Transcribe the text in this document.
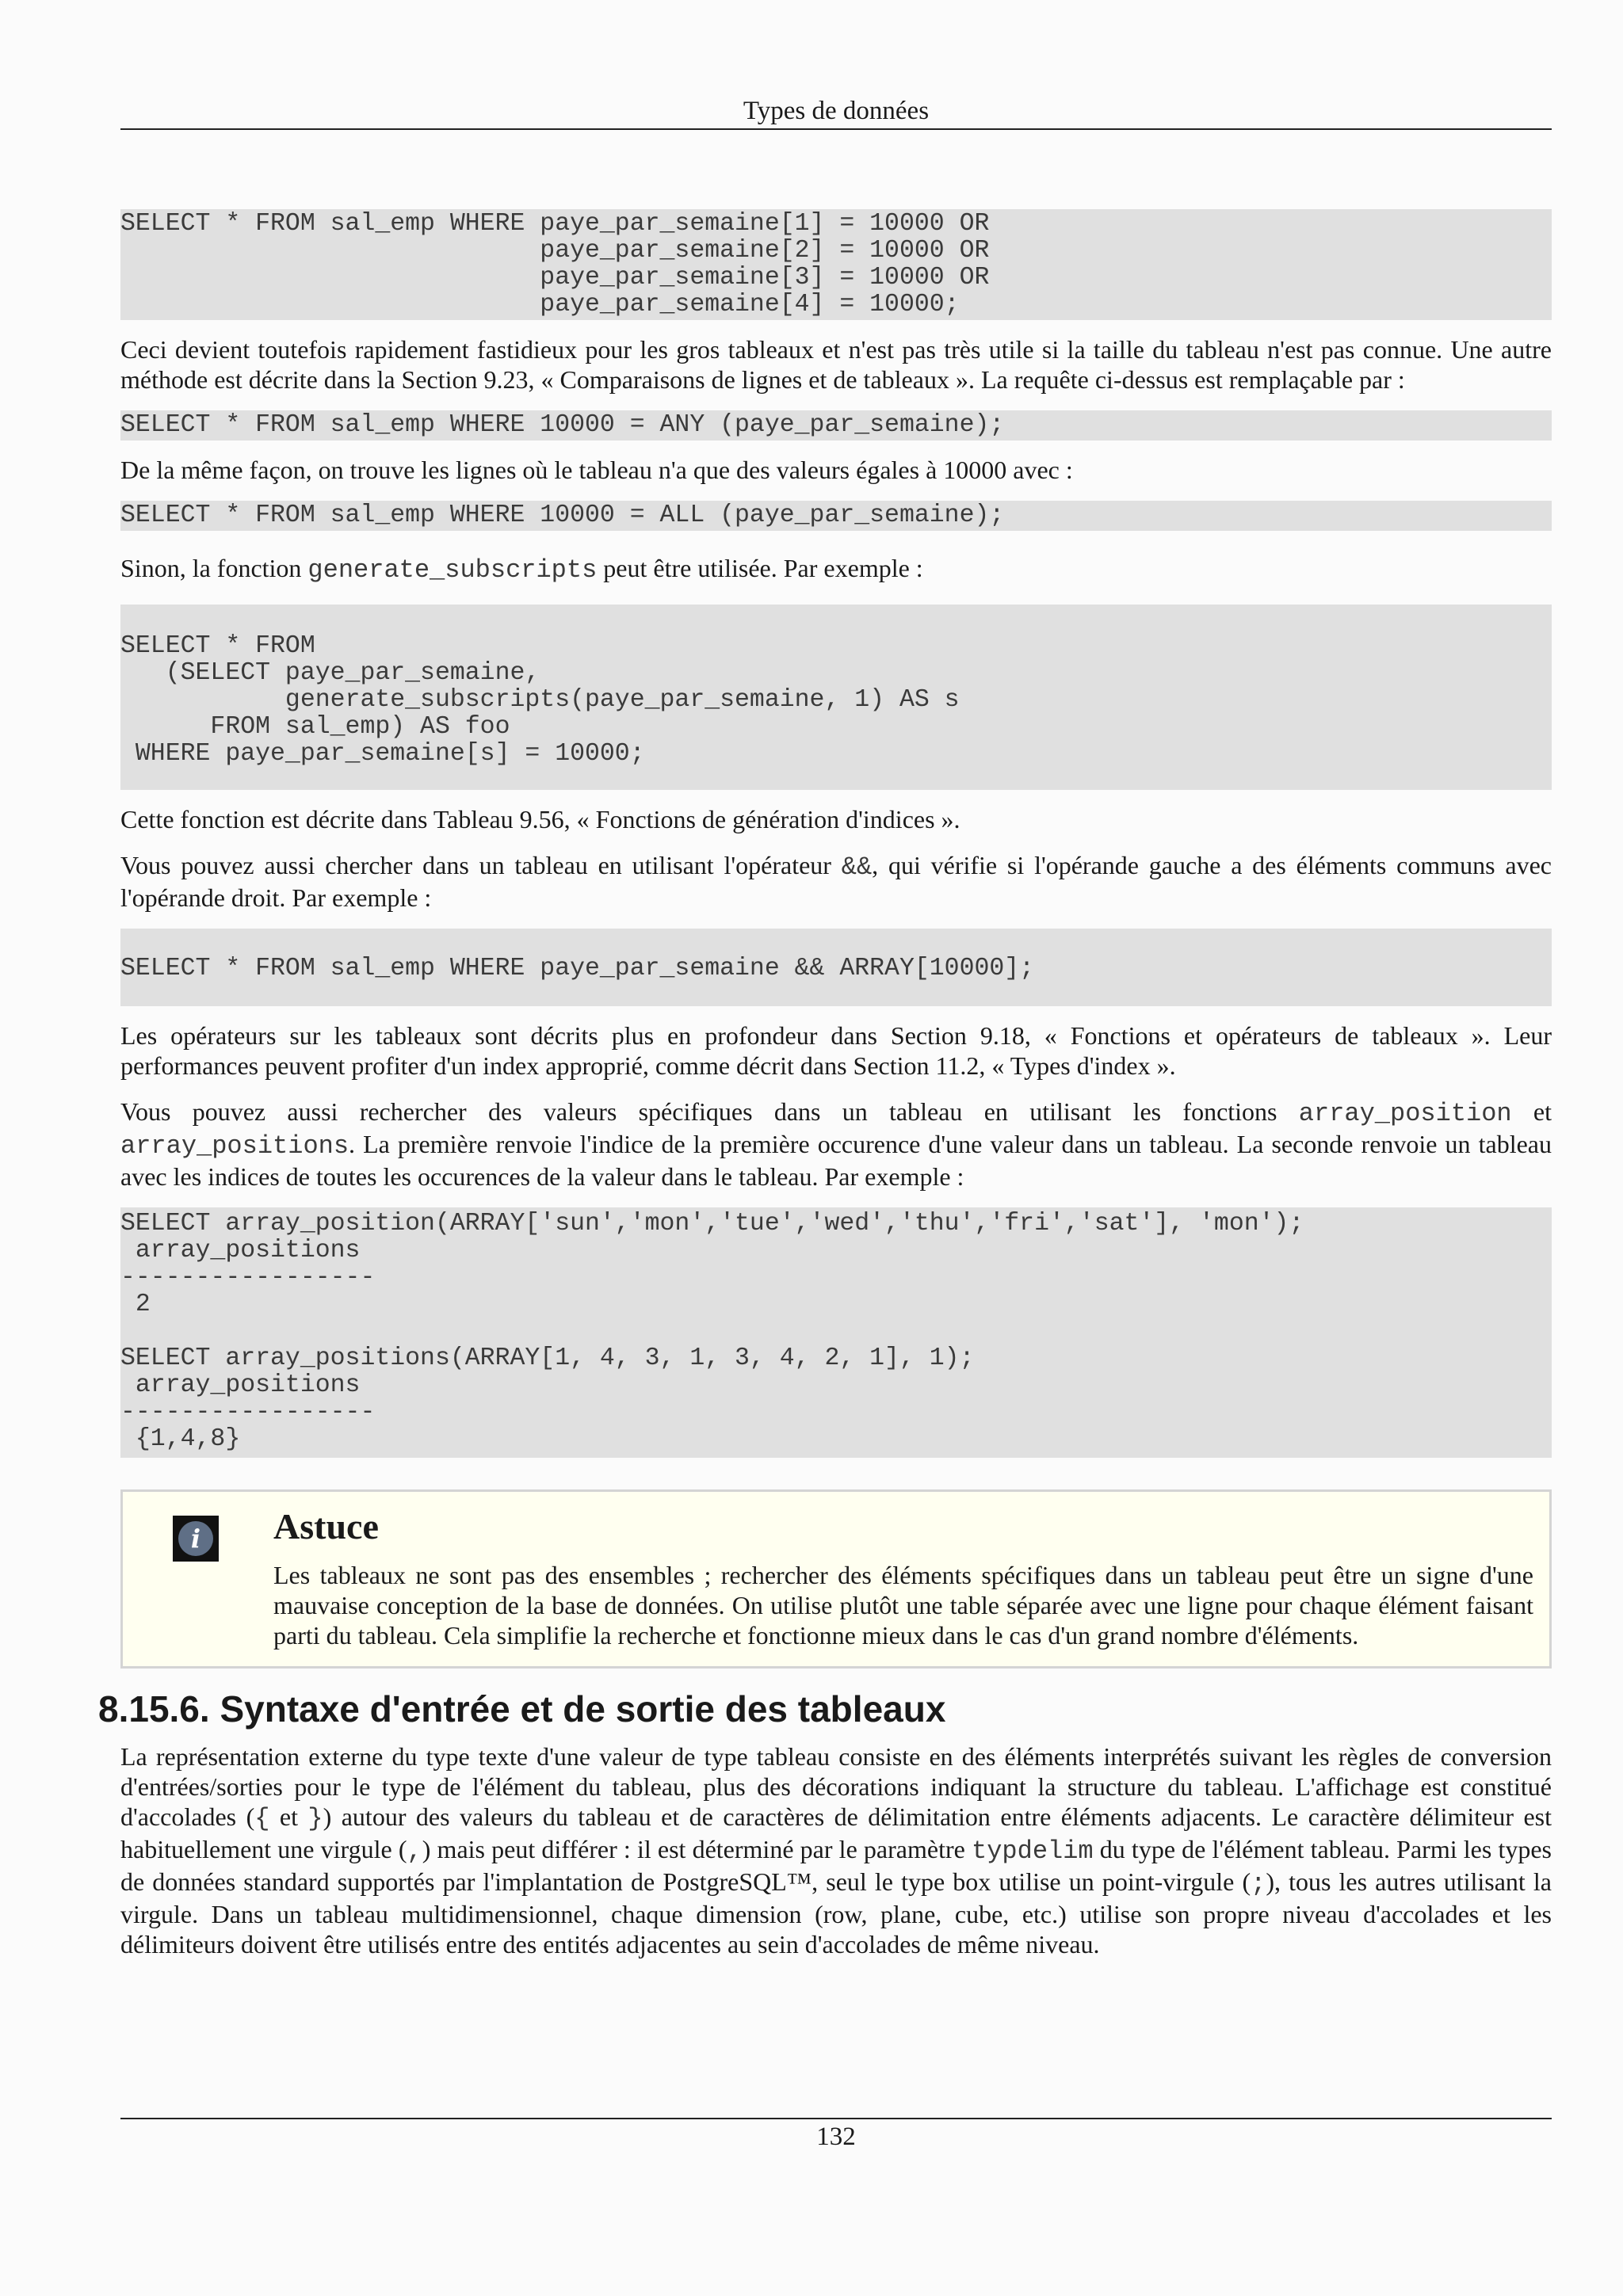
Types de données
SELECT * FROM sal_emp WHERE paye_par_semaine[1] = 10000 OR
paye_par_semaine[2] = 10000 OR
paye_par_semaine[3] = 10000 OR
paye_par_semaine[4] = 10000;

Ceci devient toutefois rapidement fastidieux pour les gros tableaux et n'est pas très utile si la taille du tableau n'est pas connue. Une autre méthode est décrite dans la Section 9.23, « Comparaisons de lignes et de tableaux ». La requête ci-dessus est remplaçable par :

SELECT * FROM sal_emp WHERE 10000 = ANY (paye_par_semaine);

De la même façon, on trouve les lignes où le tableau n'a que des valeurs égales à 10000 avec :

SELECT * FROM sal_emp WHERE 10000 = ALL (paye_par_semaine);

Sinon, la fonction generate_subscripts peut être utilisée. Par exemple :

SELECT * FROM
(SELECT paye_par_semaine,
generate_subscripts(paye_par_semaine, 1) AS s
FROM sal_emp) AS foo
WHERE paye_par_semaine[s] = 10000;

Cette fonction est décrite dans Tableau 9.56, « Fonctions de génération d'indices ».

Vous pouvez aussi chercher dans un tableau en utilisant l'opérateur &&, qui vérifie si l'opérande gauche a des éléments communs avec l'opérande droit. Par exemple :

SELECT * FROM sal_emp WHERE paye_par_semaine && ARRAY[10000];

Les opérateurs sur les tableaux sont décrits plus en profondeur dans Section 9.18, « Fonctions et opérateurs de tableaux ». Leur performances peuvent profiter d'un index approprié, comme décrit dans Section 11.2, « Types d'index ».

Vous pouvez aussi rechercher des valeurs spécifiques dans un tableau en utilisant les fonctions array_position et array_positions. La première renvoie l'indice de la première occurence d'une valeur dans un tableau. La seconde renvoie un tableau avec les indices de toutes les occurences de la valeur dans le tableau. Par exemple :

SELECT array_position(ARRAY['sun','mon','tue','wed','thu','fri','sat'], 'mon');
array_positions
-----------------
2

SELECT array_positions(ARRAY[1, 4, 3, 1, 3, 4, 2, 1], 1);
array_positions
-----------------
{1,4,8}
i	Astuce
Les tableaux ne sont pas des ensembles ; rechercher des éléments spécifiques dans un tableau peut être un signe d'une mauvaise conception de la base de données. On utilise plutôt une table séparée avec une ligne pour chaque élément faisant parti du tableau. Cela simplifie la recherche et fonctionne mieux dans le cas d'un grand nombre d'éléments.
8.15.6. Syntaxe d'entrée et de sortie des tableaux

La représentation externe du type texte d'une valeur de type tableau consiste en des éléments interprétés suivant les règles de conversion d'entrées/sorties pour le type de l'élément du tableau, plus des décorations indiquant la structure du tableau. L'affichage est constitué d'accolades ({ et }) autour des valeurs du tableau et de caractères de délimitation entre éléments adjacents. Le caractère délimiteur est habituellement une virgule (,) mais peut différer : il est déterminé par le paramètre typdelim du type de l'élément tableau. Parmi les types de données standard supportés par l'implantation de PostgreSQL™, seul le type box utilise un point-virgule (;), tous les autres utilisant la virgule. Dans un tableau multidimensionnel, chaque dimension (row, plane, cube, etc.) utilise son propre niveau d'accolades et les délimiteurs doivent être utilisés entre des entités adjacentes au sein d'accolades de même niveau.

132
